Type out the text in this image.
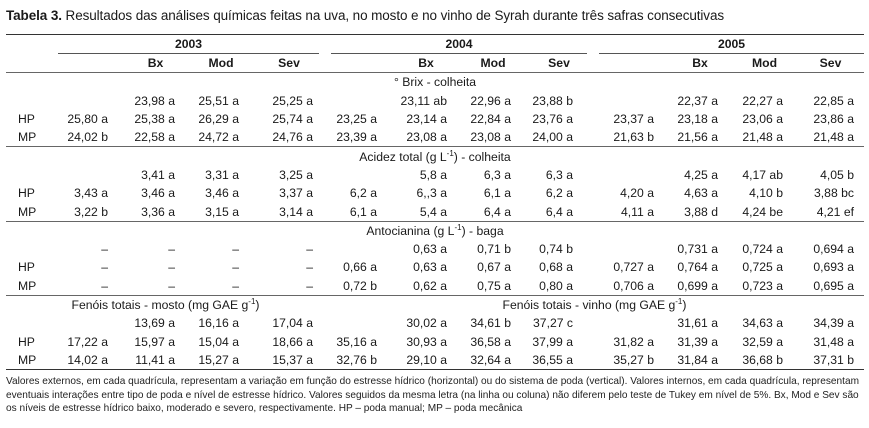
Tabela 3. Resultados das análises químicas feitas na uva, no mosto e no vinho de Syrah durante três safras consecutivas

	2003				2004				2005			

		Bx	Mod	Sev		Bx	Mod	Sev		Bx	Mod	Sev
° Brix - colheita												
		23,98 a	25,51 a	25,25 a		23,11 ab	22,96 a	23,88 b		22,37 a	22,27 a	22,85 a
HP	25,80 a	25,38 a	26,29 a	25,74 a	23,25 a	23,14 a	22,84 a	23,76 a	23,37 a	23,18 a	23,06 a	23,86 a
MP	24,02 b	22,58 a	24,72 a	24,76 a	23,39 a	23,08 a	23,08 a	24,00 a	21,63 b	21,56 a	21,48 a	21,48 a
Acidez total (g $L^{-1}$) - colheita												
		3,41 a	3,31 a	3,25 a		5,8 a	6,3 a	6,3 a		4,25 a	4,17 ab	4,05 b
HP	3,43 a	3,46 a	3,46 a	3,37 a	6,2 a	6,,3 a	6,1 a	6,2 a	4,20 a	4,63 a	4,10 b	3,88 bc
MP	3,22 b	3,36 a	3,15 a	3,14 a	6,1 a	5,4 a	6,4 a	6,4 a	4,11 a	3,88 d	4,24 be	4,21 ef
Antocianina (g $L^{-1}$) - baga												
	–	–	–	–		0,63 a	0,71 b	0,74 b		0,731 a	0,724 a	0,694 a
HP	–	–	–	–	0,66 a	0,63 a	0,67 a	0,68 a	0,727 a	0,764 a	0,725 a	0,693 a
MP	–	–	–	–	0,72 b	0,62 a	0,75 a	0,80 a	0,706 a	0,699 a	0,723 a	0,695 a
Fenóis totais - mosto (mg GAE $g^{-1}$)					Fenóis totais - vinho (mg GAE $g^{-1}$)							
		13,69 a	16,16 a	17,04 a		30,02 a	34,61 b	37,27 c		31,61 a	34,63 a	34,39 a
HP	17,22 a	15,97 a	15,04 a	18,66 a	35,16 a	30,93 a	36,58 a	37,99 a	31,82 a	31,39 a	32,59 a	31,48 a
MP	14,02 a	11,41 a	15,27 a	15,37 a	32,76 b	29,10 a	32,64 a	36,55 a	35,27 b	31,84 a	36,68 b	37,31 b
Valores externos, em cada quadrícula, representam a variação em função do estresse hídrico (horizontal) ou do sistema de poda (vertical). Valores internos, em cada quadrícula, representam eventuais interações entre tipo de poda e nível de estresse hídrico. Valores seguidos da mesma letra (na linha ou coluna) não diferem pelo teste de Tukey em nível de 5%. Bx, Mod e Sev são os níveis de estresse hídrico baixo, moderado e severo, respectivamente. HP – poda manual; MP – poda mecânica
